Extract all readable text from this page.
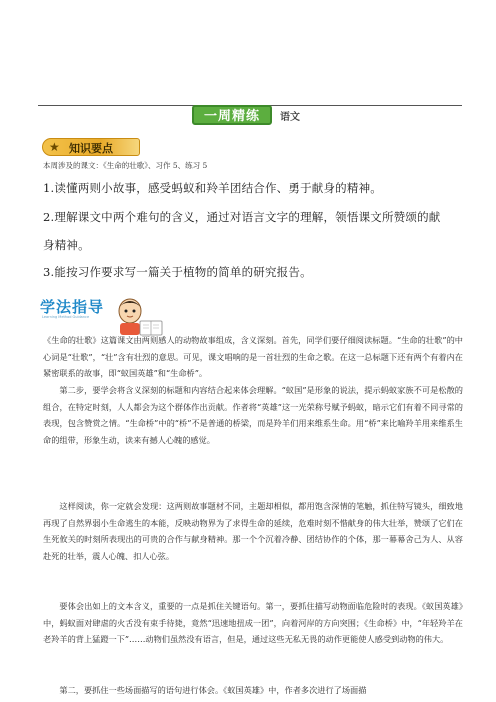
一周精练	语文
★ 知识要点
本周涉及的课文：《生命的壮歌》、习作 5、练习 5
1.读懂两则小故事，感受蚂蚁和羚羊团结合作、勇于献身的精神。
2.理解课文中两个难句的含义，通过对语言文字的理解，领悟课文所赞颂的献
身精神。
3.能按习作要求写一篇关于植物的简单的研究报告。
学法指导
Learning Method Guidance
《生命的壮歌》这篇课文由两则感人的动物故事组成，含义深刻。首先，同学们要仔细阅读标题。“生命的壮歌”的中心词是“壮歌”，“壮”含有壮烈的意思。可见，课文唱响的是一首壮烈的生命之歌。在这一总标题下还有两个有着内在紧密联系的故事，即“蚁国英雄”和“生命桥”。
第二步，要学会将含义深刻的标题和内容结合起来体会理解。“蚁国”是形象的说法，提示蚂蚁家族不可是松散的组合，在特定时刻，人人都会为这个群体作出贡献。作者将“英雄”这一光荣称号赋予蚂蚁，暗示它们有着不同寻常的表现，包含赞赏之情。“生命桥”中的“桥”不是普通的桥梁，而是羚羊们用来维系生命。用“桥”来比喻羚羊用来维系生命的组带，形象生动，读来有撼人心魄的感觉。
这样阅读，你一定就会发现：这两则故事题材不同，主题却相似，都用饱含深情的笔触，抓住特写镜头，细致地再现了自然界弱小生命逃生的本能，反映动物界为了求得生命的延续，危难时刻不惜献身的伟大壮举，赞颂了它们在生死攸关的时刻所表现出的可贵的合作与献身精神。那一个个沉着冷静、团结协作的个体，那一幕幕舍己为人、从容赴死的壮举，震人心魄、扣人心弦。
要体会出如上的文本含义，重要的一点是抓住关键语句。第一，要抓住描写动物面临危险时的表现。《蚁国英雄》中，蚂蚁面对肆虐的火舌没有束手待毙，竟然“迅速地扭成一团”，向着河岸的方向突围；《生命桥》中，“年轻羚羊在老羚羊的背上猛蹬一下”……动物们虽然没有语言，但是，通过这些无私无畏的动作更能使人感受到动物的伟大。
第二，要抓住一些场面描写的语句进行体会。《蚁国英雄》中，作者多次进行了场面描
